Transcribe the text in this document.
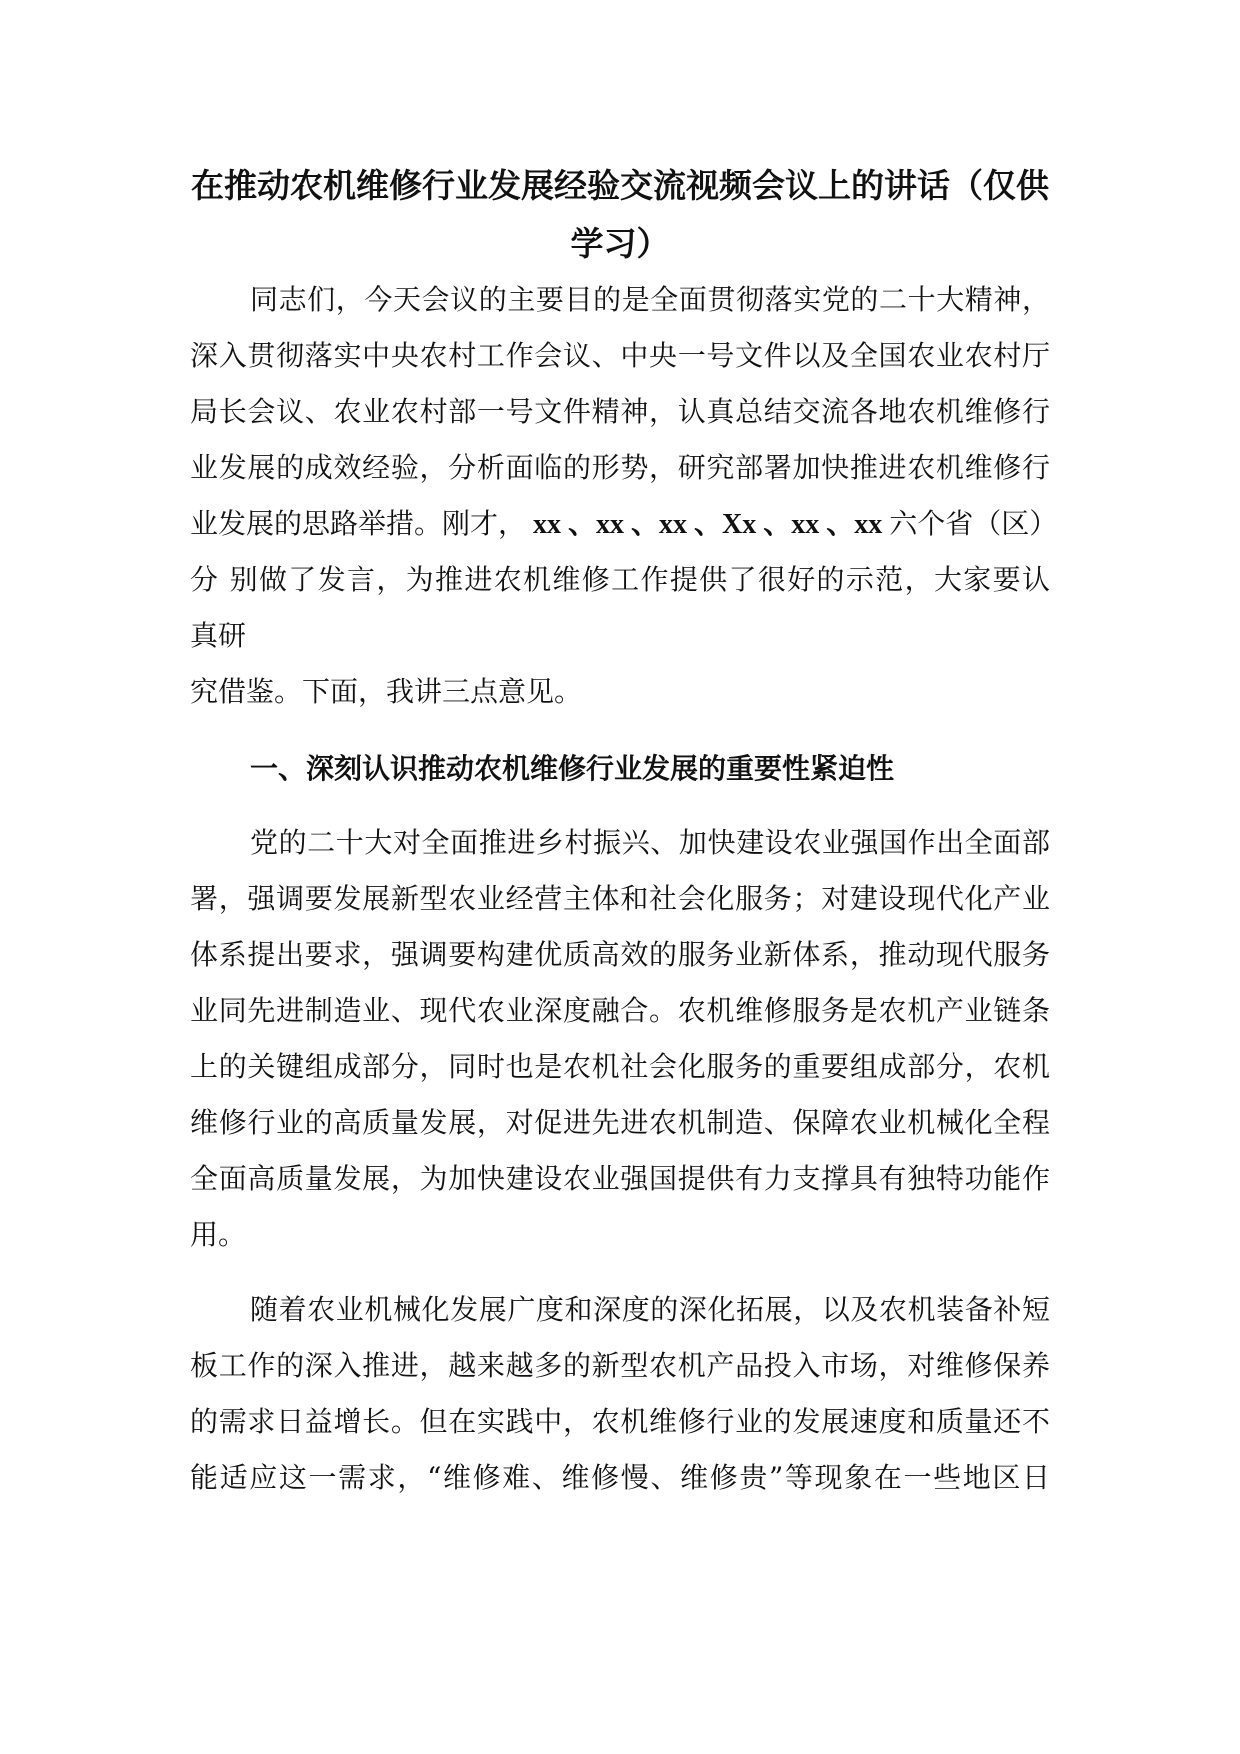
在推动农机维修行业发展经验交流视频会议上的讲话（仅供
学习）

同志们，今天会议的主要目的是全面贯彻落实党的二十大精神，

深入贯彻落实中央农村工作会议、中央一号文件以及全国农业农村厅

局长会议、农业农村部一号文件精神，认真总结交流各地农机维修行

业发展的成效经验，分析面临的形势，研究部署加快推进农机维修行

业发展的思路举措。刚才， xx 、xx 、xx 、Xx 、xx 、xx 六个省（区）

分 别做了发言，为推进农机维修工作提供了很好的示范，大家要认

真研

究借鉴。下面，我讲三点意见。

一、深刻认识推动农机维修行业发展的重要性紧迫性

党的二十大对全面推进乡村振兴、加快建设农业强国作出全面部

署，强调要发展新型农业经营主体和社会化服务；对建设现代化产业

体系提出要求，强调要构建优质高效的服务业新体系，推动现代服务

业同先进制造业、现代农业深度融合。农机维修服务是农机产业链条

上的关键组成部分，同时也是农机社会化服务的重要组成部分，农机

维修行业的高质量发展，对促进先进农机制造、保障农业机械化全程

全面高质量发展，为加快建设农业强国提供有力支撑具有独特功能作

用。

随着农业机械化发展广度和深度的深化拓展，以及农机装备补短

板工作的深入推进，越来越多的新型农机产品投入市场，对维修保养

的需求日益增长。但在实践中，农机维修行业的发展速度和质量还不

能适应这一需求，“维修难、维修慢、维修贵”等现象在一些地区日
